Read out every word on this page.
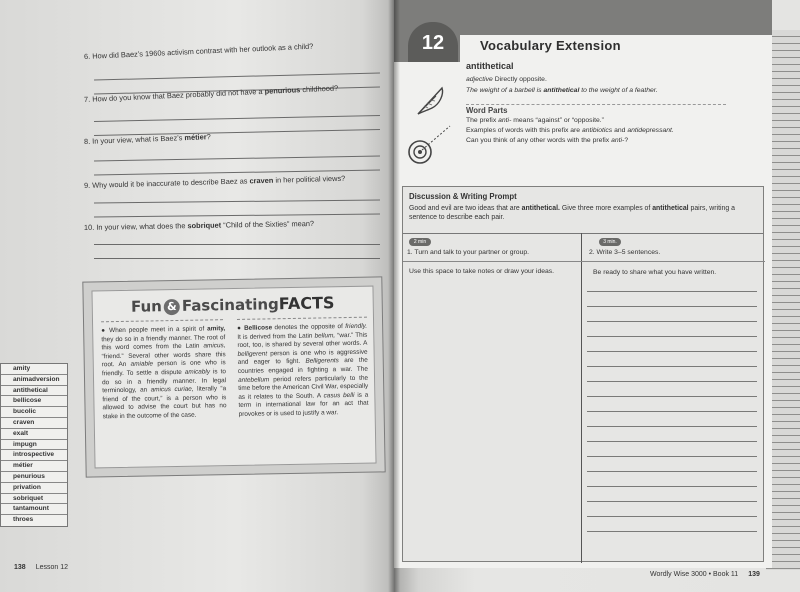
6. How did Baez’s 1960s activism contrast with her outlook as a child?
7. How do you know that Baez probably did not have a penurious childhood?
8. In your view, what is Baez’s métier?
9. Why would it be inaccurate to describe Baez as craven in her political views?
10. In your view, what does the sobriquet “Child of the Sixties” mean?
Fun & FascinatingFACTS
● When people meet in a spirit of amity, they do so in a friendly manner. The root of this word comes from the Latin amicus, “friend.” Several other words share this root. An amiable person is one who is friendly. To settle a dispute amicably is to do so in a friendly manner. In legal terminology, an amicus curiae, literally “a friend of the court,” is a person who is allowed to advise the court but has no stake in the outcome of the case.
● Bellicose denotes the opposite of friendly. It is derived from the Latin bellum, “war.” This root, too, is shared by several other words. A belligerent person is one who is aggressive and eager to fight. Belligerents are the countries engaged in fighting a war. The antebellum period refers particularly to the time before the American Civil War, especially as it relates to the South. A casus belli is a term in international law for an act that provokes or is used to justify a war.
amity
animadversion
antithetical
bellicose
bucolic
craven
exalt
impugn
introspective
métier
penurious
privation
sobriquet
tantamount
throes
138 Lesson 12
12	Vocabulary Extension
antithetical
adjective Directly opposite.
The weight of a barbell is antithetical to the weight of a feather.
Word Parts
The prefix anti- means “against” or “opposite.”
Examples of words with this prefix are antibiotics and antidepressant.
Can you think of any other words with the prefix anti-?
Discussion & Writing Prompt
Good and evil are two ideas that are antithetical. Give three more examples of antithetical pairs, writing a sentence to describe each pair.
2 min
1. Turn and talk to your partner or group.
3 min.
2. Write 3–5 sentences.
Use this space to take notes or draw your ideas.	Be ready to share what you have written.
Wordly Wise 3000 • Book 11 139
